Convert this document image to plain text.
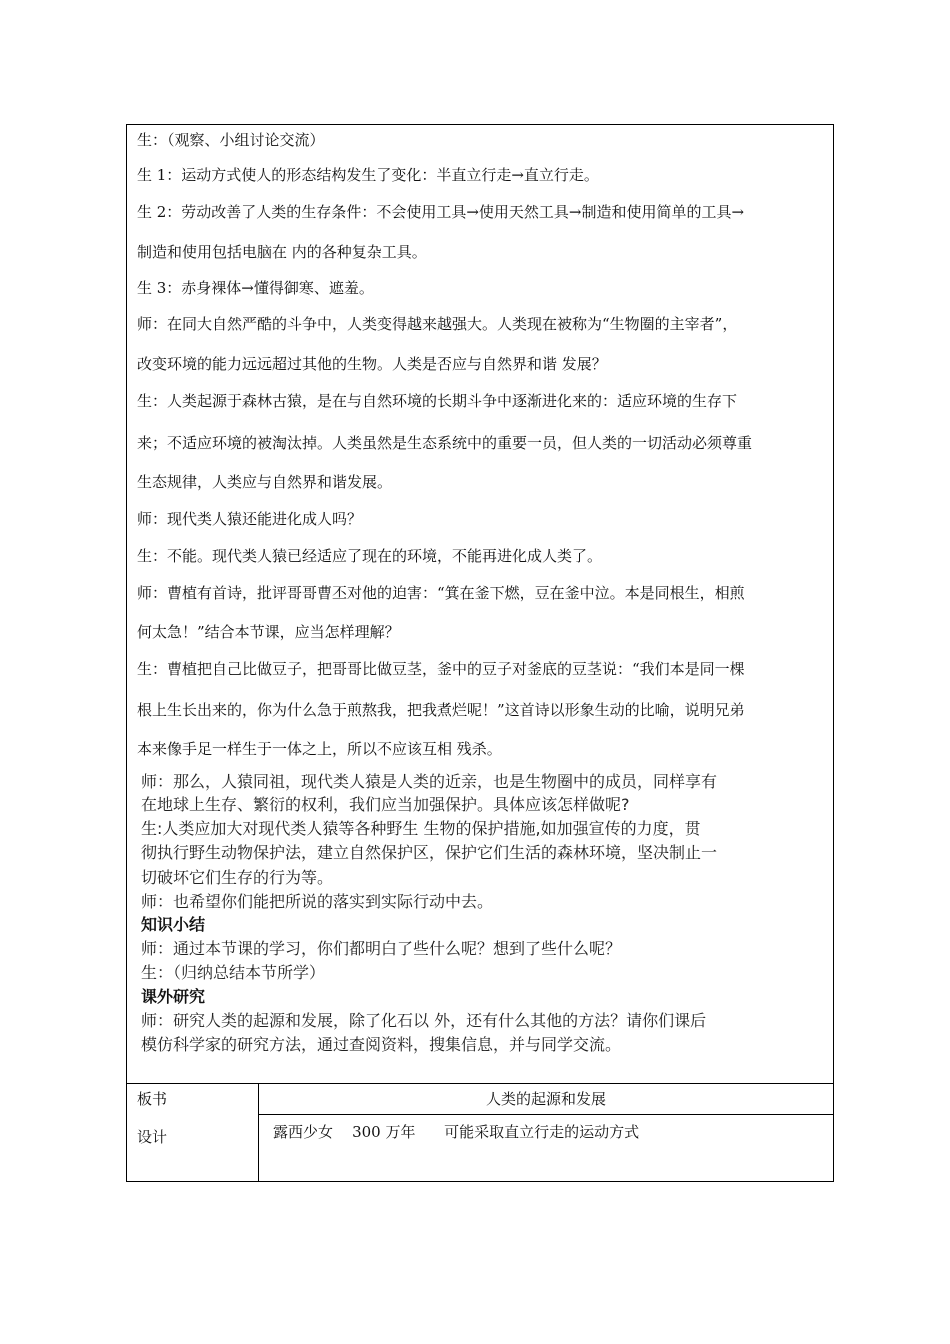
生：（观察、小组讨论交流）
生 1：运动方式使人的形态结构发生了变化：半直立行走→直立行走。
生 2：劳动改善了人类的生存条件：不会使用工具→使用天然工具→制造和使用简单的工具→
制造和使用包括电脑在 内的各种复杂工具。
生 3：赤身裸体→懂得御寒、遮羞。
师：在同大自然严酷的斗争中，人类变得越来越强大。人类现在被称为“生物圈的主宰者”，
改变环境的能力远远超过其他的生物。人类是否应与自然界和谐 发展？
生：人类起源于森林古猿，是在与自然环境的长期斗争中逐渐进化来的：适应环境的生存下
来；不适应环境的被淘汰掉。人类虽然是生态系统中的重要一员，但人类的一切活动必须尊重
生态规律，人类应与自然界和谐发展。
师：现代类人猿还能进化成人吗？
生：不能。现代类人猿已经适应了现在的环境，不能再进化成人类了。
师：曹植有首诗，批评哥哥曹丕对他的迫害：“箕在釜下燃，豆在釜中泣。本是同根生，相煎
何太急！”结合本节课，应当怎样理解？
生：曹植把自己比做豆子，把哥哥比做豆茎，釜中的豆子对釜底的豆茎说：“我们本是同一棵
根上生长出来的，你为什么急于煎熬我，把我煮烂呢！”这首诗以形象生动的比喻，说明兄弟
本来像手足一样生于一体之上，所以不应该互相 残杀。
师：那么，人猿同祖，现代类人猿是人类的近亲，也是生物圈中的成员，同样享有
在地球上生存、繁衍的权利，我们应当加强保护。具体应该怎样做呢?
生:人类应加大对现代类人猿等各种野生 生物的保护措施,如加强宣传的力度，贯
彻执行野生动物保护法，建立自然保护区，保护它们生活的森林环境，坚决制止一
切破坏它们生存的行为等。
师：也希望你们能把所说的落实到实际行动中去。
知识小结
师：通过本节课的学习，你们都明白了些什么呢？想到了些什么呢？
生：（归纳总结本节所学）
课外研究
师：研究人类的起源和发展，除了化石以 外，还有什么其他的方法？请你们课后
模仿科学家的研究方法，通过查阅资料，搜集信息，并与同学交流。
板书
设计
人类的起源和发展
露西少女    300 万年      可能采取直立行走的运动方式
